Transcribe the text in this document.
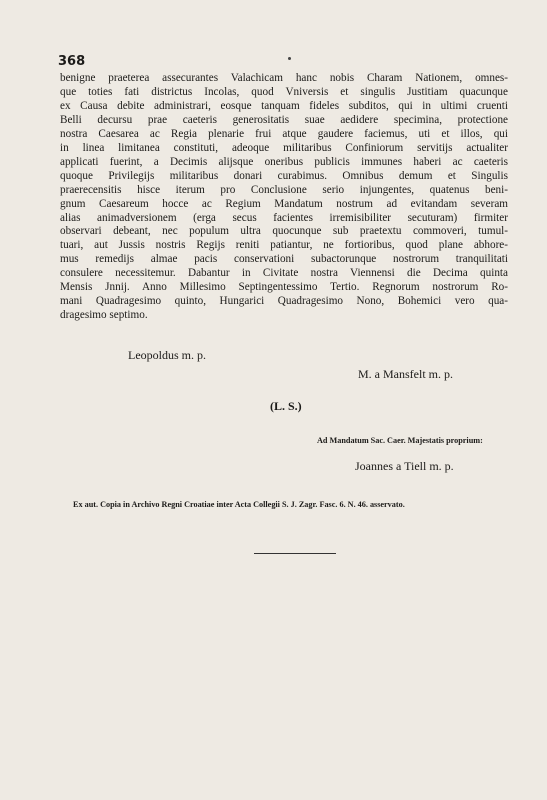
368
benigne praeterea assecurantes Valachicam hanc nobis Charam Nationem, omnes-
que toties fati districtus Incolas, quod Vniversis et singulis Justitiam quacunque
ex Causa debite administrari, eosque tanquam fideles subditos, qui in ultimi cruenti
Belli decursu prae caeteris generositatis suae aedidere specimina, protectione
nostra Caesarea ac Regia plenarie frui atque gaudere faciemus, uti et illos, qui
in linea limitanea constituti, adeoque militaribus Confiniorum servitijs actualiter
applicati fuerint, a Decimis alijsque oneribus publicis immunes haberi ac caeteris
quoque Privilegijs militaribus donari curabimus. Omnibus demum et Singulis
praerecensitis hisce iterum pro Conclusione serio injungentes, quatenus beni-
gnum Caesareum hocce ac Regium Mandatum nostrum ad evitandam severam
alias animadversionem (erga secus facientes irremisibiliter secuturam) firmiter
observari debeant, nec populum ultra quocunque sub praetextu commoveri, tumul-
tuari, aut Jussis nostris Regijs reniti patiantur, ne fortioribus, quod plane abhore-
mus remedijs almae pacis conservationi subactorunque nostrorum tranquilitati
consulere necessitemur. Dabantur in Civitate nostra Viennensi die Decima quinta
Mensis Jnnij. Anno Millesimo Septingentessimo Tertio. Regnorum nostrorum Ro-
mani Quadragesimo quinto, Hungarici Quadragesimo Nono, Bohemici vero qua-
dragesimo septimo.
Leopoldus m. p.
M. a Mansfelt m. p.
(L. S.)
Ad Mandatum Sac. Caer. Majestatis proprium:
Joannes a Tiell m. p.
Ex aut. Copia in Archivo Regni Croatiae inter Acta Collegii S. J. Zagr. Fasc. 6. N. 46. asservato.
